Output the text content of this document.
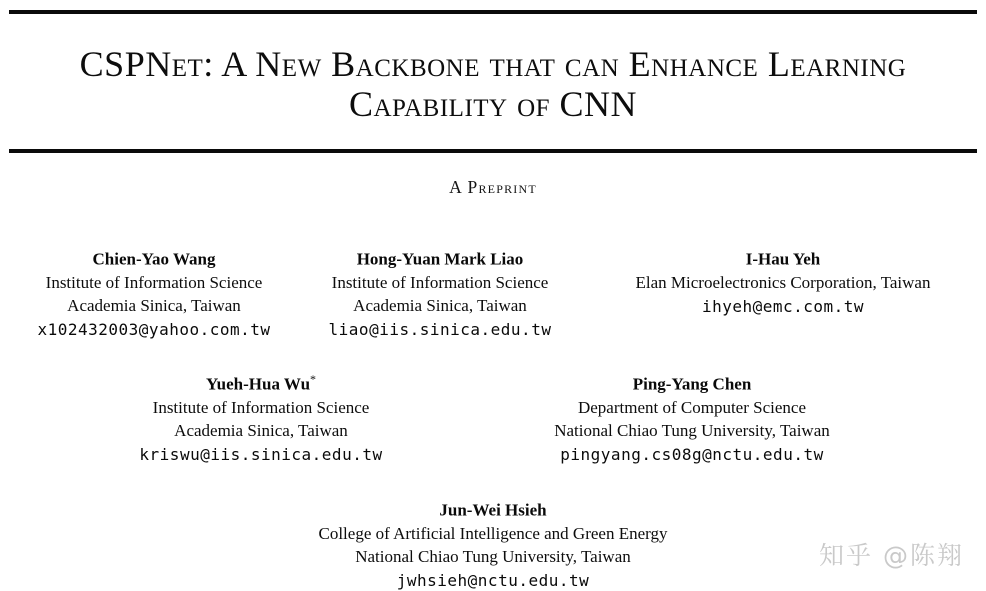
CSPNet: A New Backbone that can Enhance Learning
Capability of CNN
A Preprint
Chien-Yao Wang
Institute of Information Science
Academia Sinica, Taiwan
x102432003@yahoo.com.tw
Hong-Yuan Mark Liao
Institute of Information Science
Academia Sinica, Taiwan
liao@iis.sinica.edu.tw
I-Hau Yeh
Elan Microelectronics Corporation, Taiwan
ihyeh@emc.com.tw
Yueh-Hua Wu*
Institute of Information Science
Academia Sinica, Taiwan
kriswu@iis.sinica.edu.tw
Ping-Yang Chen
Department of Computer Science
National Chiao Tung University, Taiwan
pingyang.cs08g@nctu.edu.tw
Jun-Wei Hsieh
College of Artificial Intelligence and Green Energy
National Chiao Tung University, Taiwan
jwhsieh@nctu.edu.tw
知乎 @陈翔
